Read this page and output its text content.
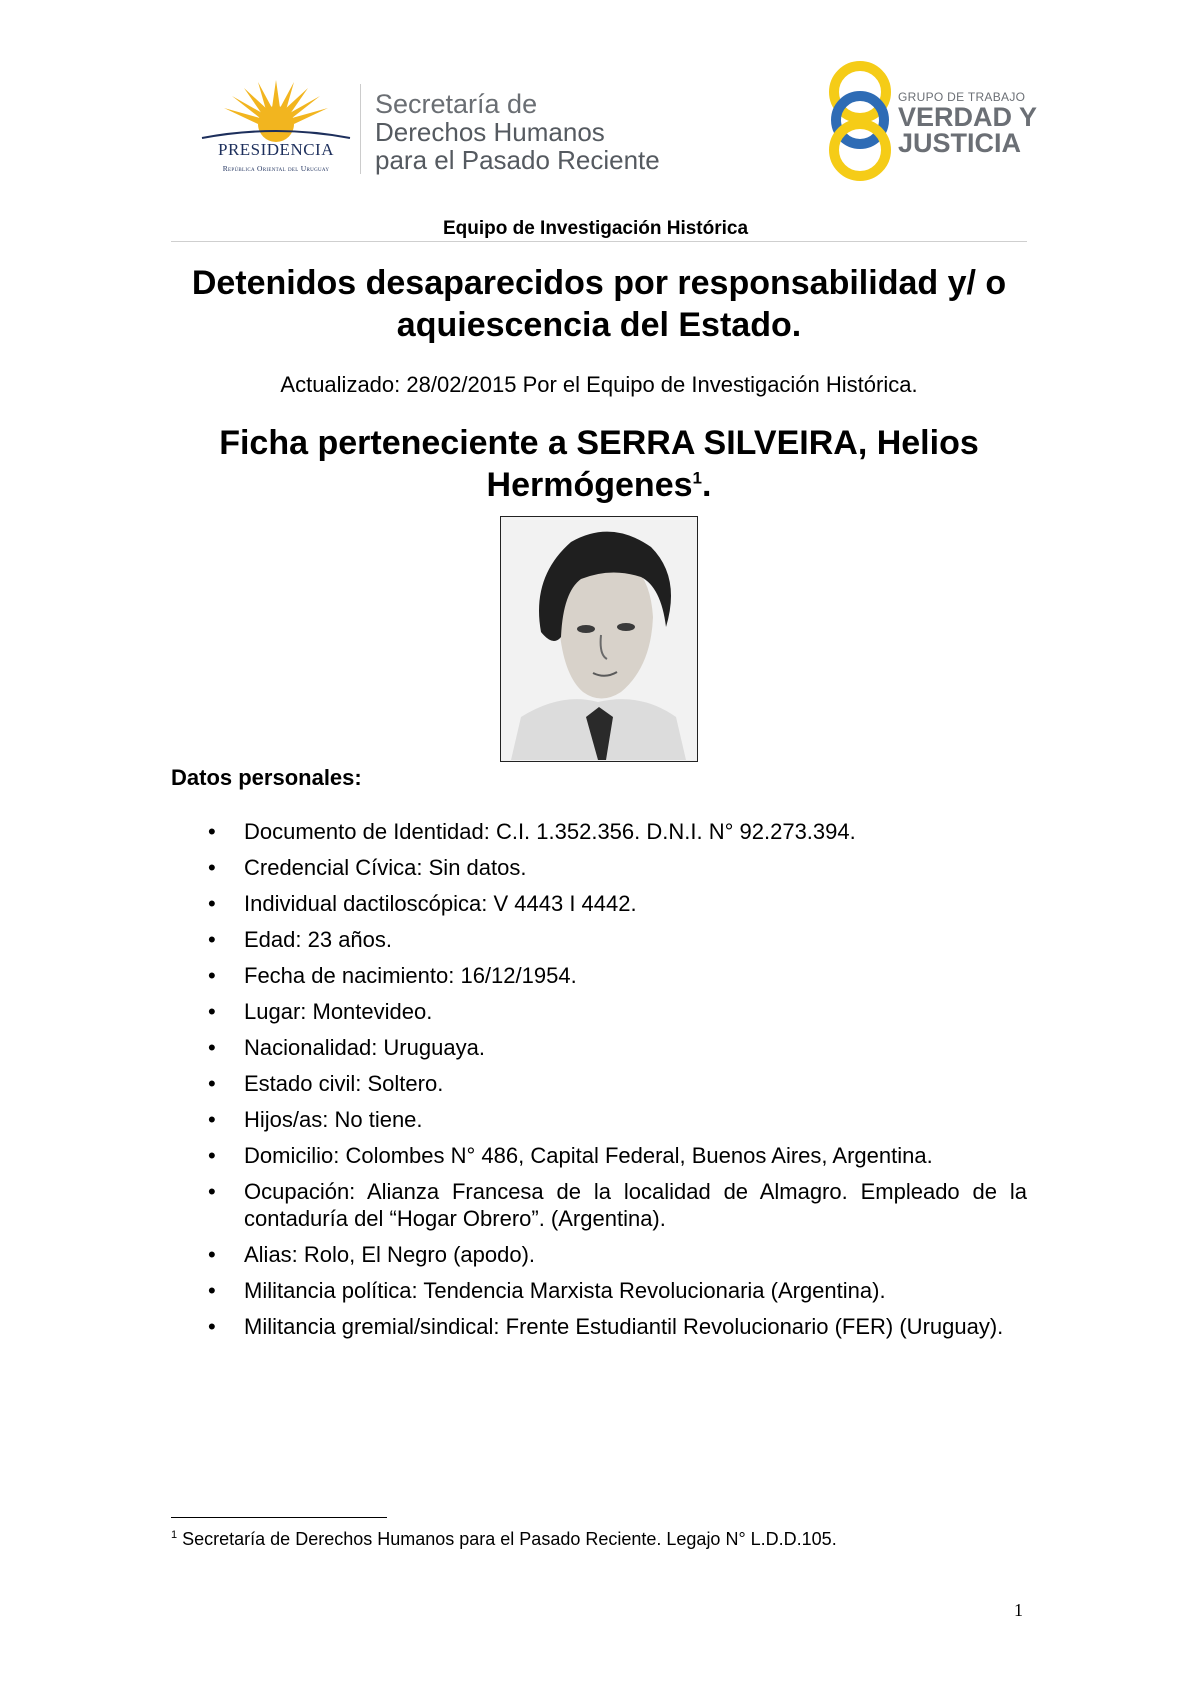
PRESIDENCIA
República Oriental del Uruguay
Secretaría de
Derechos Humanos
para el Pasado Reciente
GRUPO DE TRABAJO
VERDAD Y
JUSTICIA
Equipo de Investigación Histórica
Detenidos desaparecidos por responsabilidad y/ o aquiescencia del Estado.
Actualizado: 28/02/2015 Por el Equipo de Investigación Histórica.
Ficha perteneciente a SERRA SILVEIRA, Helios Hermógenes$^1$.
Datos personales:
• Documento de Identidad: C.I. 1.352.356. D.N.I. N° 92.273.394.
• Credencial Cívica: Sin datos.
• Individual dactiloscópica: V 4443 I 4442.
• Edad: 23 años.
• Fecha de nacimiento: 16/12/1954.
• Lugar: Montevideo.
• Nacionalidad: Uruguaya.
• Estado civil: Soltero.
• Hijos/as: No tiene.
• Domicilio: Colombes N° 486, Capital Federal, Buenos Aires, Argentina.
• Ocupación: Alianza Francesa de la localidad de Almagro. Empleado de la contaduría del “Hogar Obrero”. (Argentina).
• Alias: Rolo, El Negro (apodo).
• Militancia política: Tendencia Marxista Revolucionaria (Argentina).
• Militancia gremial/sindical: Frente Estudiantil Revolucionario (FER) (Uruguay).
$^1$ Secretaría de Derechos Humanos para el Pasado Reciente. Legajo N° L.D.D.105.
1
